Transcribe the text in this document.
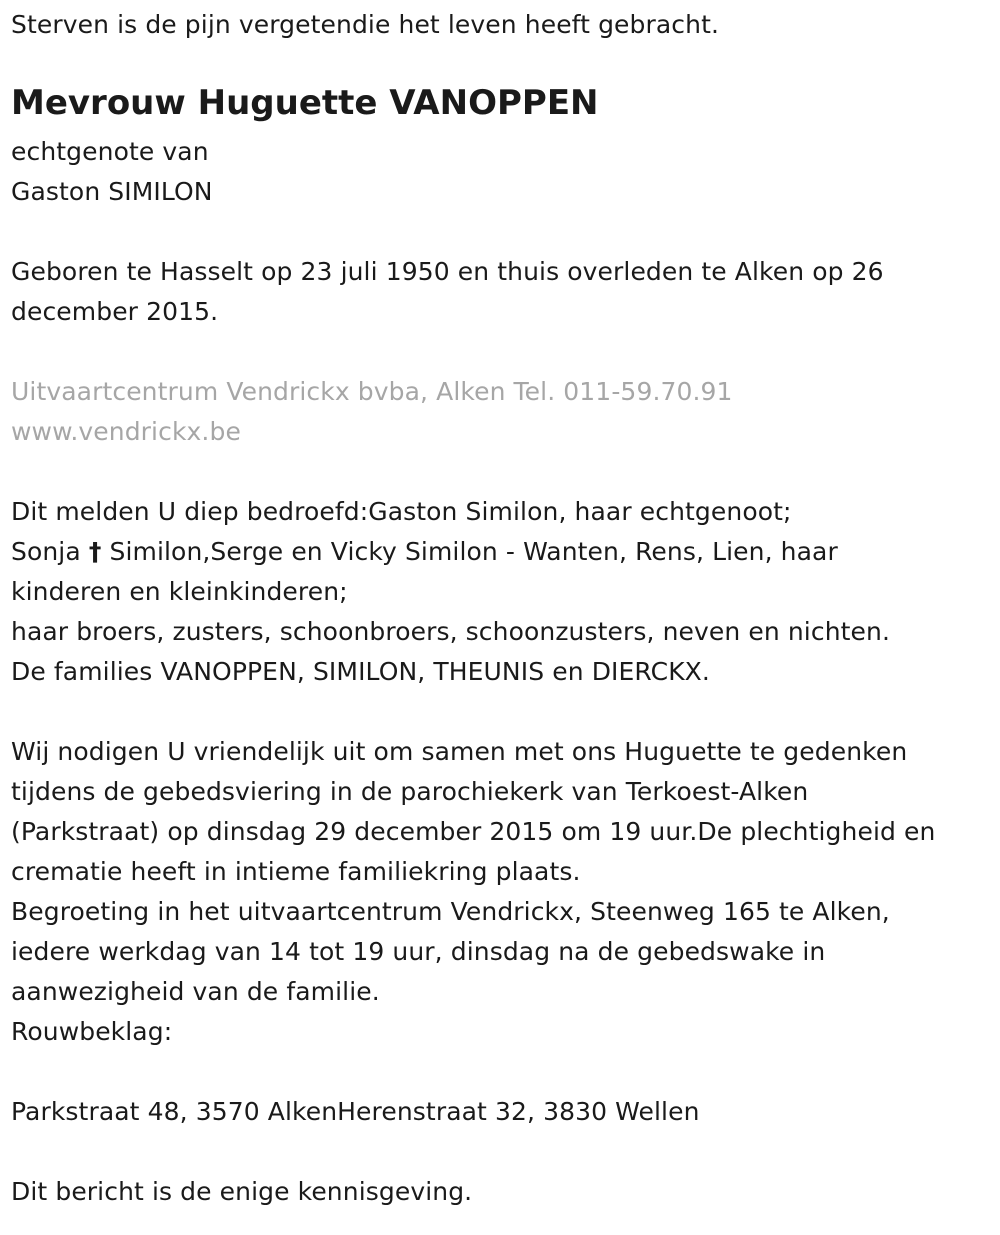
Sterven is de pijn vergetendie het leven heeft gebracht.
Mevrouw Huguette VANOPPEN
echtgenote van
Gaston SIMILON
Geboren te Hasselt op 23 juli 1950 en thuis overleden te Alken op 26
december 2015.
Uitvaartcentrum Vendrickx bvba, Alken Tel. 011-59.70.91
www.vendrickx.be
Dit melden U diep bedroefd:Gaston Similon, haar echtgenoot;
Sonja † Similon,Serge en Vicky Similon - Wanten, Rens, Lien, haar
kinderen en kleinkinderen;
haar broers, zusters, schoonbroers, schoonzusters, neven en nichten.
De families VANOPPEN, SIMILON, THEUNIS en DIERCKX.
Wij nodigen U vriendelijk uit om samen met ons Huguette te gedenken
tijdens de gebedsviering in de parochiekerk van Terkoest-Alken
(Parkstraat) op dinsdag 29 december 2015 om 19 uur.De plechtigheid en
crematie heeft in intieme familiekring plaats.
Begroeting in het uitvaartcentrum Vendrickx, Steenweg 165 te Alken,
iedere werkdag van 14 tot 19 uur, dinsdag na de gebedswake in
aanwezigheid van de familie.
Rouwbeklag:
Parkstraat 48, 3570 AlkenHerenstraat 32, 3830 Wellen
Dit bericht is de enige kennisgeving.
